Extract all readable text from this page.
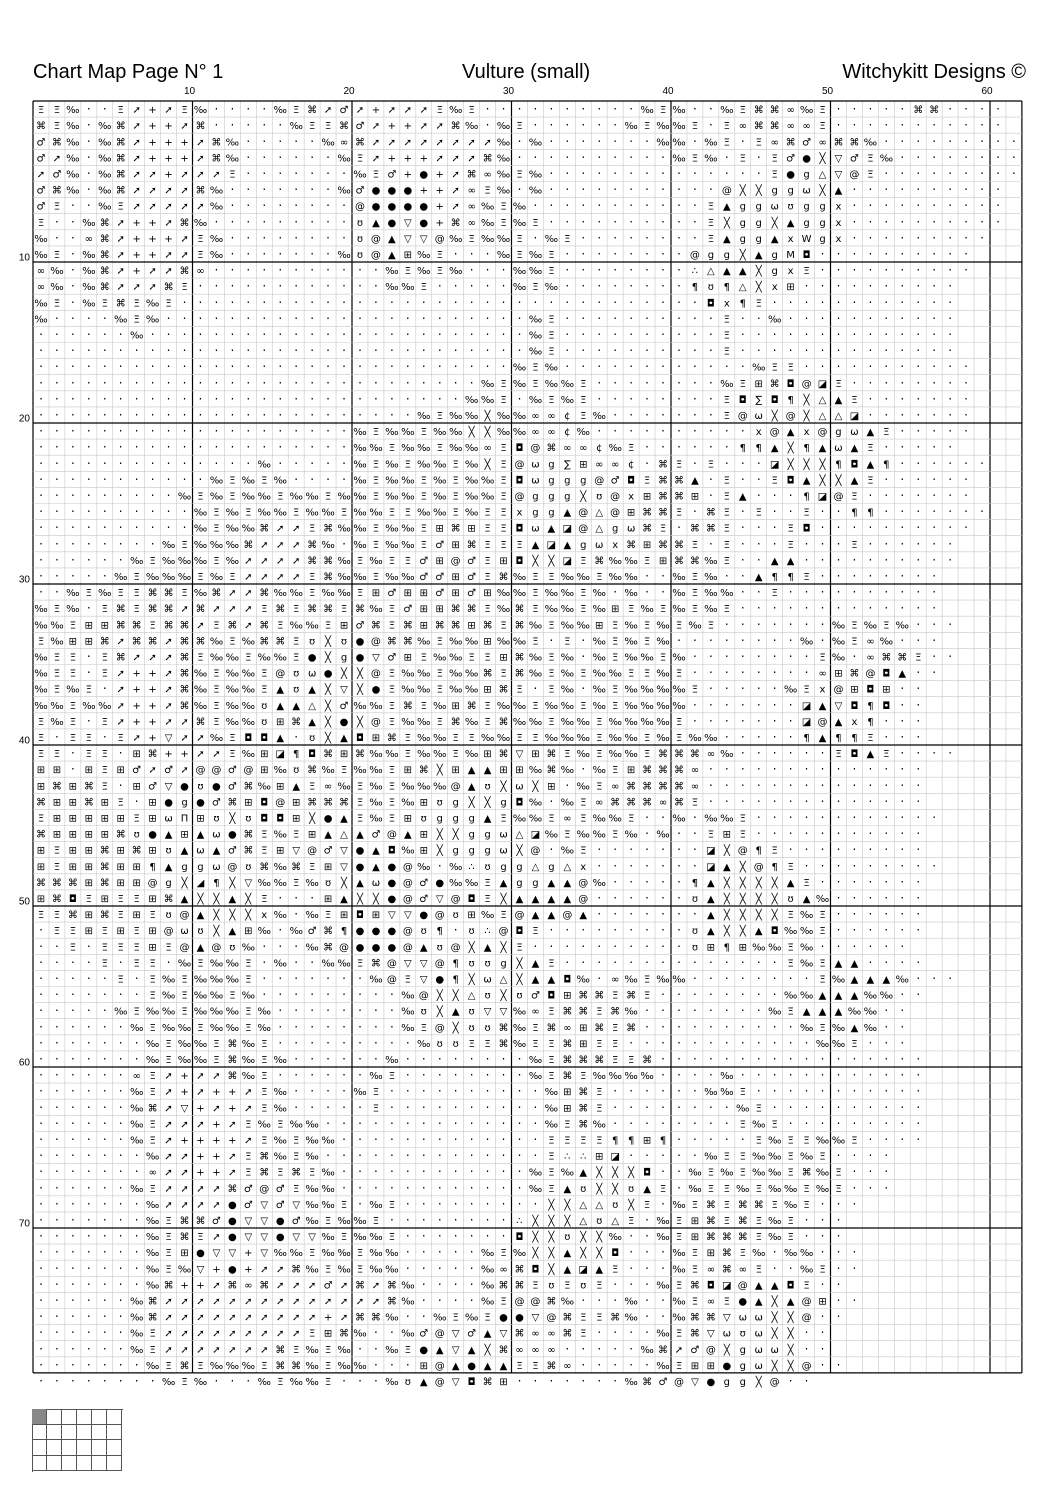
Chart Map Page N° 1	Vulture (small)	Witchykitt Designs ©
10	20	30	40	50	60
10
20
30
40
50
60
70
Ξ Ξ ‰ · · Ξ ➚ + ➚ Ξ ‰ · · · · ‰ Ξ ⌘ ➚ ♂ ➚ + ➚ ➚ ➚ Ξ ‰ Ξ · · · · · · · · · · ‰ Ξ ‰ · · ‰ Ξ ⌘ ⌘ ∞ ‰ Ξ · · · · · ⌘ ⌘ · · · ·
⌘ Ξ ‰ · ‰ ⌘ ➚ + + ➚ ⌘ · · · · · ‰ Ξ Ξ ⌘ ♂ ➚ + + ➚ ➚ ⌘ ‰ · ‰ Ξ · · · · · · ‰ Ξ ‰ ‰ Ξ · Ξ ∞ ⌘ ⌘ ∞ ∞ Ξ · · · · · · · · · · ·
♂ ⌘ ‰ · ‰ ⌘ ➚ + + + ➚ ⌘ ‰ · · · · · ‰ ∞ ⌘ ➚ ➚ ➚ ➚ ➚ ➚ ➚ ➚ ‰ · ‰ · · · · · · · ‰ ‰ · ‰ Ξ · Ξ ∞ ⌘ ♂ ∞ ⌘ ⌘ ‰ · · · · · · · · ·
♂ ➚ ‰ · ‰ ⌘ ➚ + + + ➚ ⌘ ‰ · · · · · · ‰ Ξ ➚ + + + ➚ ➚ ➚ ⌘ ‰ · · · · · · · · · · ‰ Ξ ‰ · Ξ · Ξ ♂ ● ╳ ▽ ♂ Ξ ‰ · · · · · · · ·
➚ ♂ ‰ · ‰ ⌘ ➚ ➚ + ➚ ➚ ➚ Ξ · · · · · · · ‰ Ξ ♂ + ● + ➚ ⌘ ∞ ‰ Ξ ‰ · · · · · · · · · · · · · · Ξ ● g △ ▽ @ Ξ · · · · · · · · ·
♂ ⌘ ‰ · ‰ ⌘ ➚ ➚ ➚ ➚ ⌘ ‰ · · · · · · · ‰ ♂ ● ● ● + + ➚ ∞ Ξ ‰ · ‰ · · · · · · · · · · · @ ╳ ╳ g g ω ╳ ▲ · · · · · · · · · ·
♂ Ξ · · ‰ Ξ ➚ ➚ ➚ ➚ ➚ ‰ · · · · · · · · @ ● ● ● ● + ➚ ∞ ‰ Ξ ‰ · · · · · · · · · · · Ξ ▲ g g ω ʊ g g x · · · · · · · · · ·
Ξ · · ‰ ⌘ ➚ + + ➚ ⌘ ‰ · · · · · · · · · ʊ ▲ ● ▽ ● + ⌘ ∞ ‰ Ξ ‰ Ξ · · · · · · · · · · Ξ ╳ g g ╳ ▲ g g x · · · · · · · · · ·
‰ · · ∞ ⌘ ➚ + + + ➚ Ξ ‰ · · · · · · · · ʊ @ ▲ ▽ ▽ @ ‰ Ξ ‰ ‰ Ξ · ‰ Ξ · · · · · · · · Ξ ▲ g g ▲ x W g x · · · · · · · · ·
‰ Ξ · ‰ ⌘ ➚ + + ➚ ➚ Ξ ‰ · · · · · · · ‰ ʊ @ ▲ ⊞ ‰ Ξ · · · ‰ Ξ ‰ Ξ · · · · · · · · @ g g ╳ ▲ g M ◘ · · · · · · · · · ·
∞ ‰ · ‰ ⌘ ➚ + ➚ ➚ ⌘ ∞ · · · · · · · · · · · ‰ Ξ ‰ Ξ ‰ · · · ‰ ‰ Ξ · · · · · · · · ∴ △ ▲ ▲ ╳ g x Ξ · · · · · · · · · ·
∞ ‰ · ‰ ⌘ ➚ ➚ ➚ ⌘ Ξ · · · · · · · · · · · · ‰ ‰ Ξ · · · · · ‰ Ξ ‰ · · · · · · · · ¶ ʊ ¶ △ ╳ x ⊞ · · · · · · · · · ·
‰ Ξ · ‰ Ξ ⌘ Ξ ‰ Ξ · · · · · · · · · · · · · · · · · · · · · · · · · · · · · · · · · ◘ x ¶ Ξ · · · · · · · · · · · ·
‰ · · · · ‰ Ξ ‰ · · · · · · · · · · · · · · · · · · · · · · · ‰ Ξ · · · · · · · · · · Ξ · · ‰ · · · · · · · · · · ·
· · · · · · ‰ · · · · · · · · · · · · · · · · · · · · · · · · ‰ Ξ · · · · · · · · · · Ξ · · · · · · · · · · · · · ·
· · · · · · · · · · · · · · · · · · · · · · · · · · · · · · · ‰ Ξ · · · · · · · · · · Ξ · · · · · · · · · · · · · ·
· · · · · · · · · · · · · · · · · · · · · · · · · · · · · · ‰ Ξ ‰ · · · · · · · · · · · · ‰ Ξ Ξ · · · · · · · · · · ·
· · · · · · · · · · · · · · · · · · · · · · · · · · · · ‰ Ξ ‰ Ξ ‰ ‰ Ξ · · · · · · · · ‰ Ξ ⊞ ⌘ ◘ @ ◪ Ξ · · · · · · · ·
· · · · · · · · · · · · · · · · · · · · · · · · · · · ‰ ‰ Ξ · ‰ Ξ ‰ Ξ · · · · · · · · Ξ ◘ ∑ ◘ ¶ ╳ △ ▲ Ξ · · · · · · ·
· · · · · · · · · · · · · · · · · · · · · · · · ‰ Ξ ‰ ‰ ╳ ‰ ‰ ∞ ∞ ¢ Ξ ‰ · · · · · · · Ξ @ ω ╳ @ ╳ △ △ ◪ · · · · · · ·
· · · · · · · · · · · · · · · · · · · · ‰ Ξ ‰ ‰ Ξ ‰ ‰ ╳ ╳ ‰ ‰ ∞ ∞ ¢ ‰ · · · · · · · · · · x @ ▲ x @ g ω ▲ Ξ · · · · ·
· · · · · · · · · · · · · · · · · · · · ‰ ‰ Ξ ‰ ‰ Ξ ‰ ‰ ∞ Ξ ◘ @ ⌘ ∞ ∞ ¢ ‰ Ξ · · · · · · ¶ ¶ ▲ ╳ ¶ ▲ ω ▲ Ξ · · · · ·
· · · · · · · · · · · · · · ‰ · · · · · ‰ Ξ ‰ Ξ ‰ ‰ Ξ ‰ ╳ Ξ @ ω g ∑ ⊞ ∞ ∞ ¢ · ⌘ Ξ · Ξ · · · ◪ ╳ ╳ ╳ ¶ ◘ ▲ ¶ · · · · · ·
· · · · · · · · · · · ‰ Ξ ‰ Ξ ‰ · · · · ‰ Ξ ‰ ‰ Ξ ‰ Ξ ‰ ‰ Ξ ◘ ω g g g @ ♂ ◘ Ξ ⌘ ⌘ ▲ · Ξ · · Ξ ◘ ▲ ╳ ╳ ▲ Ξ · · · · · ·
· · · · · · · · · ‰ Ξ ‰ Ξ ‰ ‰ Ξ ‰ ‰ Ξ ‰ ‰ Ξ ‰ ‰ Ξ ‰ Ξ ‰ ‰ Ξ @ g g g ╳ ʊ @ x ⊞ ⌘ ⌘ ⊞ · Ξ ▲ · · · ¶ ◪ @ Ξ · · · · · · ·
· · · · · · · · · · ‰ Ξ ‰ Ξ ‰ ‰ Ξ ‰ ‰ Ξ ‰ ‰ Ξ Ξ ‰ ‰ Ξ ‰ Ξ Ξ x g g ▲ @ △ @ ⊞ ⌘ ⌘ Ξ · ⌘ Ξ · Ξ · · Ξ · · ¶ ¶ · · · · · · ·
· · · · · · · · · · ‰ Ξ ‰ ‰ ⌘ ➚ ➚ Ξ ⌘ ‰ ‰ Ξ ‰ ‰ Ξ ⊞ ⌘ ⊞ Ξ Ξ ◘ ω ▲ ◪ @ △ g ω ⌘ Ξ · ⌘ ⌘ Ξ · · · Ξ ◘ · · · · · · · · · ·
· · · · · · · · ‰ Ξ ‰ ‰ ‰ ⌘ ➚ ➚ ➚ ⌘ ‰ · ‰ Ξ ‰ ‰ Ξ ♂ ⊞ ⌘ Ξ Ξ Ξ ▲ ◪ ▲ g ω x ⌘ ⊞ ⌘ ⌘ Ξ · Ξ · · · Ξ · · · Ξ · · · · · ·
· · · · · · ‰ Ξ ‰ ‰ ‰ Ξ ‰ ➚ ➚ ➚ ➚ ⌘ ⌘ ‰ Ξ ‰ Ξ Ξ ♂ ⊞ @ ♂ Ξ ⊞ ◘ ╳ ╳ ◪ Ξ ⌘ ‰ ‰ Ξ ⊞ ⌘ ⌘ ‰ Ξ · · ▲ ▲ · · · · · · · · · ·
· · · · · ‰ Ξ ‰ ‰ ‰ Ξ ‰ Ξ ➚ ➚ ➚ ➚ Ξ ⌘ ‰ ‰ Ξ ‰ ‰ ♂ ♂ ⊞ ♂ Ξ ⌘ ‰ Ξ Ξ ‰ ‰ Ξ ‰ ‰ · · ‰ Ξ ‰ · · ▲ ¶ ¶ Ξ · · · · · · · ·
· · ‰ Ξ ‰ Ξ Ξ ⌘ ⌘ Ξ ‰ ⌘ ➚ ➚ ⌘ ‰ ‰ Ξ ‰ ‰ Ξ ⊞ ♂ ⊞ ⊞ ♂ ⊞ ♂ ⊞ ‰ ‰ Ξ ‰ ‰ Ξ ‰ · ‰ · · ‰ Ξ ‰ ‰ · · Ξ · · · · · · · · · ·
‰ Ξ ‰ · Ξ ⌘ Ξ ⌘ ⌘ ➚ ⌘ ➚ ➚ ➚ Ξ ⌘ Ξ ⌘ ⌘ Ξ ⌘ ‰ Ξ ♂ ⊞ ⊞ ⌘ ⌘ Ξ ‰ ⌘ Ξ ‰ ‰ Ξ ‰ ⊞ Ξ ‰ Ξ ‰ Ξ ‰ Ξ · · · · · · · · · · · · ·
‰ ‰ Ξ ⊞ ⊞ ⌘ ⌘ Ξ ⌘ ⌘ ➚ Ξ ⌘ ➚ ⌘ Ξ ‰ ‰ Ξ ⊞ ♂ ⌘ Ξ ⌘ ⊞ ⌘ ⌘ ⊞ ⌘ Ξ ⌘ ‰ Ξ ‰ ‰ ⊞ Ξ ‰ Ξ ‰ Ξ ‰ Ξ · · · · · · · ‰ Ξ ‰ Ξ ‰ · · ·
Ξ ‰ ⊞ ⊞ ⌘ ➚ ⌘ ⌘ ➚ ⌘ ⌘ ‰ Ξ ‰ ⌘ ⌘ Ξ ʊ ╳ ʊ ● @ ⌘ ⌘ ‰ Ξ ‰ ‰ ⊞ ‰ ‰ Ξ · Ξ · ‰ Ξ ‰ Ξ ‰ · · · · · · · · ‰ · ‰ Ξ ∞ ‰ · · ·
‰ Ξ Ξ · Ξ ⌘ ➚ ➚ ➚ ⌘ Ξ ‰ ‰ Ξ ‰ ‰ Ξ ● ╳ g ● ▽ ♂ ⊞ Ξ ‰ ‰ Ξ Ξ ⊞ ⌘ ‰ Ξ ‰ · ‰ Ξ ‰ ‰ Ξ ‰ · · · · · · · · Ξ ‰ · ∞ ⌘ ⌘ Ξ · ·
‰ Ξ Ξ · Ξ ➚ + + ➚ ⌘ ‰ Ξ ‰ ‰ Ξ @ ʊ ω ● ╳ ╳ @ Ξ ‰ ‰ Ξ ‰ ‰ ⌘ Ξ ⌘ ‰ Ξ ‰ Ξ ‰ ‰ Ξ Ξ ‰ Ξ · · · · · · · · ∞ ⊞ ⌘ @ ◘ ▲ · ·
‰ Ξ ‰ Ξ · ➚ + + ➚ ⌘ ‰ Ξ ‰ ‰ Ξ ▲ ʊ ▲ ╳ ▽ ╳ ● Ξ ‰ ‰ Ξ ‰ ‰ ⊞ ⌘ Ξ · Ξ ‰ · ‰ Ξ ‰ ‰ ‰ ‰ Ξ · · · · · ‰ Ξ x @ ⊞ ◘ ⊞ · ·
‰ ‰ Ξ ‰ ‰ ➚ + + ➚ ⌘ ‰ Ξ ‰ ‰ ʊ ▲ ▲ △ ╳ ♂ ‰ ‰ Ξ ⌘ Ξ ‰ ⊞ ⌘ Ξ ‰ ‰ Ξ ‰ ‰ Ξ ‰ Ξ ‰ ‰ ‰ ‰ · · · · · · · ◪ ▲ ▽ ◘ ¶ ◘ · ·
Ξ ‰ Ξ · Ξ ➚ + + ➚ ➚ ⌘ Ξ ‰ ‰ ʊ ⊞ ⌘ ▲ ╳ ● ╳ @ Ξ ‰ ‰ Ξ ⌘ ‰ Ξ ⌘ ‰ ‰ Ξ ‰ ‰ Ξ ‰ ‰ ‰ ‰ Ξ · · · · · · · ◪ @ ▲ x ¶ · · ·
Ξ · Ξ Ξ · Ξ ➚ + ▽ ➚ ➚ ‰ Ξ ◘ ◘ ▲ · ʊ ╳ ▲ ◘ ⊞ ⌘ Ξ ‰ ‰ Ξ Ξ ‰ ‰ Ξ Ξ ‰ ‰ ‰ Ξ ‰ ‰ Ξ ‰ Ξ ‰ ‰ · · · · · ¶ ▲ ¶ ¶ Ξ · · ·
Ξ Ξ · Ξ Ξ · ⊞ ⌘ + + ➚ ➚ Ξ ‰ ⊞ ◪ ¶ ◘ ⌘ ⊞ ⌘ ‰ ‰ Ξ ‰ ‰ Ξ ‰ ⊞ ⌘ ▽ ⊞ ⌘ Ξ ‰ Ξ ‰ ‰ Ξ ⌘ ⌘ ⌘ ∞ ‰ · · · · · · Ξ ◘ ▲ Ξ · · · ·
⊞ ⊞ · ⊞ Ξ ⊞ ♂ ➚ ♂ ➚ @ @ ♂ @ ⊞ ‰ ʊ ⌘ ‰ Ξ ‰ ‰ Ξ ⊞ ⌘ ╳ ⊞ ▲ ▲ ⊞ ⊞ ‰ ⌘ ‰ · ‰ Ξ ⊞ ⌘ ⌘ ⌘ ∞ · · · · · · · · · · · · · ·
⊞ ⌘ ⊞ ⌘ Ξ · ⊞ ♂ ▽ ● ʊ ● ♂ ⌘ ‰ ⊞ ▲ Ξ ∞ ‰ Ξ ‰ Ξ ‰ ‰ ‰ @ ▲ ʊ ╳ ω ╳ ⊞ · ‰ Ξ ∞ ⌘ ⌘ ⌘ ⌘ ∞ · · · · · · · · · · · · · ·
⌘ ⊞ ⊞ ⌘ ⊞ Ξ · ⊞ ● g ● ♂ ⌘ ⊞ ◘ @ ⊞ ⌘ ⌘ ⌘ Ξ ‰ Ξ ‰ ⊞ ʊ g ╳ ╳ g ◘ ‰ · ‰ Ξ ∞ ⌘ ⌘ ⌘ ∞ ⌘ Ξ · · · · · · · · · · · · · ·
Ξ ⊞ ⊞ ⊞ ⊞ ⊞ Ξ ⊞ ω Π ⊞ ʊ ╳ ʊ ◘ ◘ ⊞ ╳ ● ▲ Ξ ‰ Ξ ⊞ ʊ g g g ▲ Ξ ‰ ‰ Ξ ∞ Ξ ‰ ‰ Ξ · · ‰ · ‰ ‰ Ξ · · · · · · · · · · · ·
⌘ ⊞ ⊞ ⊞ ⊞ ⌘ ʊ ● ▲ ⊞ ▲ ω ● ⌘ Ξ ‰ Ξ ⊞ ▲ △ ▲ ♂ @ ▲ ⊞ ╳ ╳ g g ω △ ◪ ‰ Ξ ‰ ‰ Ξ ‰ · ‰ · · Ξ ⊞ Ξ · · · · · · · · · · ·
⊞ Ξ ⊞ ⊞ ⌘ ⊞ ⌘ ⊞ ʊ ▲ ω ▲ ♂ ⌘ Ξ ⊞ ▽ @ ♂ ▽ ● ▲ ◘ ‰ ⊞ ╳ g g g ω ╳ @ · ‰ Ξ · · · · · · · ◪ ╳ @ ¶ Ξ · · · · · · · · ·
⊞ Ξ ⊞ ⊞ ⌘ ⊞ ⊞ ¶ ▲ g g ω @ ʊ ⌘ ‰ ⌘ Ξ ⊞ ▽ ● ▲ ● @ ‰ · ‰ ∴ ʊ g g △ g △ x · · · · · · · ◪ ▲ ╳ @ ¶ Ξ · · · · · · · · ·
⌘ ⌘ ⌘ ⊞ ⌘ ⊞ ⊞ @ g ╳ ◢ ¶ ╳ ▽ ‰ ‰ Ξ ‰ ʊ ╳ ▲ ω ● @ ♂ ● ‰ ‰ Ξ ▲ g g ▲ ▲ @ ‰ · · · · · ¶ ▲ ╳ ╳ ╳ ╳ ▲ Ξ · · · · · · ·
⊞ ⌘ ◘ Ξ ⊞ Ξ Ξ ⊞ ⌘ ▲ ╳ ╳ ▲ ╳ Ξ · · · ⊞ ▲ ╳ ╳ ● @ ♂ ▽ @ ◘ Ξ ╳ ▲ ▲ ▲ ▲ @ · · · · · · ʊ ▲ ╳ ╳ ╳ ╳ ʊ ▲ ‰ · · · · · ·
Ξ Ξ ⌘ ⊞ ⌘ Ξ ⊞ Ξ ʊ @ ▲ ╳ ╳ ╳ x ‰ · ‰ Ξ ⊞ ◘ ⊞ ▽ ▽ ● @ ʊ ⊞ ‰ Ξ @ ▲ ▲ @ ▲ · · · · · · · ▲ ╳ ╳ ╳ ╳ Ξ ‰ Ξ · · · · · ·
· Ξ Ξ ⊞ Ξ ⊞ Ξ ⊞ @ ω ʊ ╳ ▲ ⊞ ‰ · ‰ ♂ ⌘ ¶ ● ● ● @ ʊ ¶ · ʊ ∴ @ ◘ Ξ · · · · · · · · · ʊ ▲ ╳ ╳ ▲ ◘ ‰ ‰ Ξ · · · · · ·
· · Ξ · Ξ Ξ Ξ ⊞ Ξ @ ▲ @ ʊ ‰ · · · ‰ ⌘ @ ● ● ● @ ▲ ʊ @ ╳ ▲ ╳ Ξ · · · · · · · · · · ʊ ⊞ ¶ ⊞ ‰ ‰ Ξ ‰ · · · · · ·
· · · · Ξ · Ξ Ξ · ‰ Ξ ‰ ‰ Ξ · ‰ · · ‰ ‰ Ξ ⌘ @ ▽ ▽ @ ¶ ʊ ʊ g ╳ ▲ Ξ · · · · · · · · · · · · · · Ξ ‰ Ξ ▲ ▲ · · · ·
· · · · · Ξ · Ξ ‰ Ξ ‰ ‰ ‰ Ξ · · · · · · · ‰ @ Ξ ▽ ● ¶ ╳ ω △ ╳ ▲ ▲ ◘ ‰ · ∞ ‰ Ξ ‰ ‰ · · · · · · · · Ξ ‰ ▲ ▲ ▲ ‰ · · ·
· · · · · · · Ξ ‰ Ξ ‰ ‰ Ξ ‰ · · · · · · · · · ‰ @ ╳ ╳ △ ʊ ╳ ʊ ♂ ◘ ⊞ ⌘ ⌘ Ξ ⌘ Ξ · · · · · · · · ‰ ‰ ▲ ▲ ▲ ‰ ‰ · ·
· · · · · ‰ Ξ ‰ ‰ Ξ ‰ ‰ ‰ Ξ ‰ · · · · · · · · ‰ ʊ ╳ ▲ ʊ ▽ ▽ ‰ ∞ Ξ ⌘ ⌘ Ξ ⌘ ‰ · · · · · · · · ‰ Ξ ▲ ▲ ▲ ‰ ‰ · ·
· · · · · · ‰ Ξ ‰ ‰ Ξ ‰ ‰ Ξ ‰ · · · · · · · · ‰ Ξ @ ╳ ʊ ʊ ⌘ ‰ Ξ ⌘ ∞ ⊞ ⌘ Ξ ⌘ · · · · · · · · · · ‰ Ξ ‰ ▲ ‰ · ·
· · · · · · · ‰ Ξ ‰ ‰ Ξ ⌘ ‰ Ξ · · · · · · · · · ‰ ʊ ʊ Ξ Ξ ⌘ ‰ Ξ Ξ ⌘ ⊞ Ξ Ξ · · · · · · · · · · · · ‰ ‰ Ξ · · ·
· · · · · · · ‰ Ξ ‰ ‰ Ξ ⌘ ‰ Ξ ‰ · · · · · · ‰ · · · · · · · · ‰ Ξ ⌘ ⌘ ⌘ Ξ Ξ ⌘ · · · · · · · · · · · · · · · · ·
· · · · · · ∞ Ξ ➚ + ➚ ➚ ⌘ ‰ Ξ · · · · · · ‰ Ξ · · · · · · · · ‰ Ξ ⌘ Ξ ‰ ‰ ‰ ‰ · · · · ‰ · · · · · · · · · · · ·
· · · · · · ‰ Ξ ➚ + ➚ + + ➚ Ξ ‰ · · · · ‰ Ξ · · · · · · · · · · ‰ ⊞ ⌘ Ξ · · · · · · ‰ ‰ Ξ · · · · · · · · · · ·
· · · · · · ‰ ⌘ ➚ ▽ + ➚ + ➚ Ξ ‰ · · · · · Ξ · · · · · · · · · · ‰ ⊞ ⌘ Ξ · · · · · · · · ‰ Ξ · · · · · · · · · ·
· · · · · · ‰ Ξ ➚ ➚ ➚ + ➚ Ξ ‰ Ξ ‰ ‰ · · · · · · · · · · · · · · ‰ Ξ ⌘ ‰ · · · · · · · · Ξ ‰ Ξ · · · · · · · · ·
· · · · · · ‰ Ξ ➚ + + + + ➚ Ξ ‰ Ξ ‰ ‰ · · · · · · · · · · · · · Ξ Ξ Ξ Ξ ¶ ¶ ⊞ ¶ · · · · · Ξ ‰ Ξ Ξ ‰ ‰ Ξ · · · ·
· · · · · · · ‰ ➚ ➚ + + ➚ Ξ ⌘ ‰ Ξ ‰ · · · · · · · · · · · · · · Ξ ∴ ∴ ⊞ ◪ · · · · · ‰ Ξ Ξ ‰ ‰ Ξ ‰ Ξ · · · ·
· · · · · · · ∞ ➚ ➚ + + ➚ Ξ ⌘ Ξ ⌘ Ξ ‰ · · · · · · · · · · · · ‰ Ξ ‰ ▲ ╳ ╳ ╳ ◘ · · ‰ Ξ ‰ Ξ ‰ ‰ Ξ ⌘ ‰ Ξ · · ·
· · · · · · ‰ Ξ ➚ ➚ ➚ ➚ ⌘ ♂ @ ♂ Ξ ‰ ‰ · · · · · · · · · · · · ‰ Ξ ▲ ʊ ╳ ╳ ʊ ▲ Ξ · ‰ Ξ Ξ ‰ Ξ ‰ ‰ Ξ ‰ Ξ · · ·
· · · · · · · ‰ ➚ ➚ ➚ ➚ ● ♂ ▽ ♂ ▽ ‰ ‰ Ξ · ‰ Ξ · · · · · · · · · ╳ ╳ △ △ ʊ ╳ Ξ · ‰ Ξ ⌘ Ξ ⌘ ⌘ Ξ ‰ Ξ · · ·
· · · · · · · ‰ Ξ ⌘ ⌘ ♂ ● ▽ ▽ ● ♂ ‰ Ξ ‰ ‰ Ξ · · · · · · · · ∴ ╳ ╳ ╳ △ ʊ △ Ξ · ‰ Ξ ⊞ ⌘ Ξ ⌘ Ξ ‰ Ξ · · ·
· · · · · · · ‰ Ξ ⌘ Ξ ➚ ● ▽ ▽ ● ▽ ▽ ‰ Ξ ‰ ‰ Ξ · · · · · · · ◘ ╳ ╳ ʊ ╳ ╳ ‰ · · ‰ Ξ ⊞ ⌘ ⌘ ⌘ Ξ ‰ Ξ · · ·
· · · · · · · ‰ Ξ ⊞ ● ▽ ▽ + ▽ ‰ ‰ Ξ ‰ ‰ Ξ ‰ ‰ · · · · · ‰ Ξ ‰ ╳ ╳ ▲ ╳ ╳ ◘ · · · ‰ Ξ ⊞ ⌘ Ξ ‰ · ‰ ‰ · · ·
· · · · · · · ‰ Ξ ‰ ▽ + ● + ➚ ➚ ⌘ ‰ Ξ ‰ Ξ ‰ ‰ · · · · · ‰ ∞ ⌘ ◘ ╳ ▲ ◪ ▲ Ξ · · · ‰ Ξ ∞ ⌘ ∞ Ξ · · ‰ Ξ · ·
· · · · · · · ‰ ⌘ + + ➚ ⌘ ∞ ⌘ ➚ ➚ ➚ ♂ ➚ ⌘ ➚ ⌘ ‰ · · · · ‰ ⌘ ⌘ Ξ ʊ Ξ ʊ Ξ · · · ‰ Ξ ⌘ ◘ ◪ @ ▲ ▲ ◘ Ξ · ·
· · · · · · ‰ ⌘ ➚ ➚ ➚ ➚ ➚ ➚ ➚ ➚ ➚ ➚ ➚ ➚ ➚ ➚ ⌘ ‰ · · · · ‰ Ξ @ @ ⌘ ‰ · · · ‰ · · ‰ Ξ ∞ Ξ ● ▲ ╳ ▲ @ ⊞ · ·
· · · · · · ‰ ⌘ ➚ ➚ ➚ ➚ ➚ ➚ ➚ ➚ ➚ ➚ + ➚ ⌘ ⌘ ‰ · · ‰ Ξ ‰ Ξ ● ● ▽ @ ⌘ Ξ Ξ ⌘ ‰ · · ‰ ⌘ ⌘ ▽ ω ω ╳ ╳ @ · ·
· · · · · · ‰ Ξ ➚ ➚ ➚ ➚ ➚ ➚ ➚ ➚ ➚ Ξ ⊞ ⌘ ‰ · · ‰ ♂ @ ▽ ♂ ▲ ▽ ⌘ ∞ ∞ ⌘ Ξ · · · · ‰ Ξ ⌘ ▽ ω ʊ ω ╳ ╳ · ·
· · · · · · ‰ Ξ ➚ ➚ ➚ ➚ ➚ ➚ ➚ ⌘ Ξ ‰ Ξ ‰ · · ‰ Ξ ● ▲ ▽ ▲ ╳ ⌘ ∞ ∞ ∞ · · · · · ‰ ⌘ ➚ ♂ @ ╳ g ω ω ╳ · ·
· · · · · · · ‰ Ξ ⌘ Ξ ‰ ‰ ‰ Ξ ⌘ ⌘ ‰ Ξ ‰ ‰ · · · ⊞ @ ▲ ● ▲ ▲ Ξ Ξ ⌘ ∞ · · · · · ‰ Ξ ⊞ ⊞ ● g ω ╳ ╳ @ · ·
· · · · · · · · ‰ Ξ ‰ · · · ‰ Ξ ‰ ‰ Ξ · · · ‰ ʊ ▲ @ ▽ ◘ ⌘ ⊞ · · · · · · · ‰ ⌘ ♂ @ ▽ ● g g ╳ @ · ·
